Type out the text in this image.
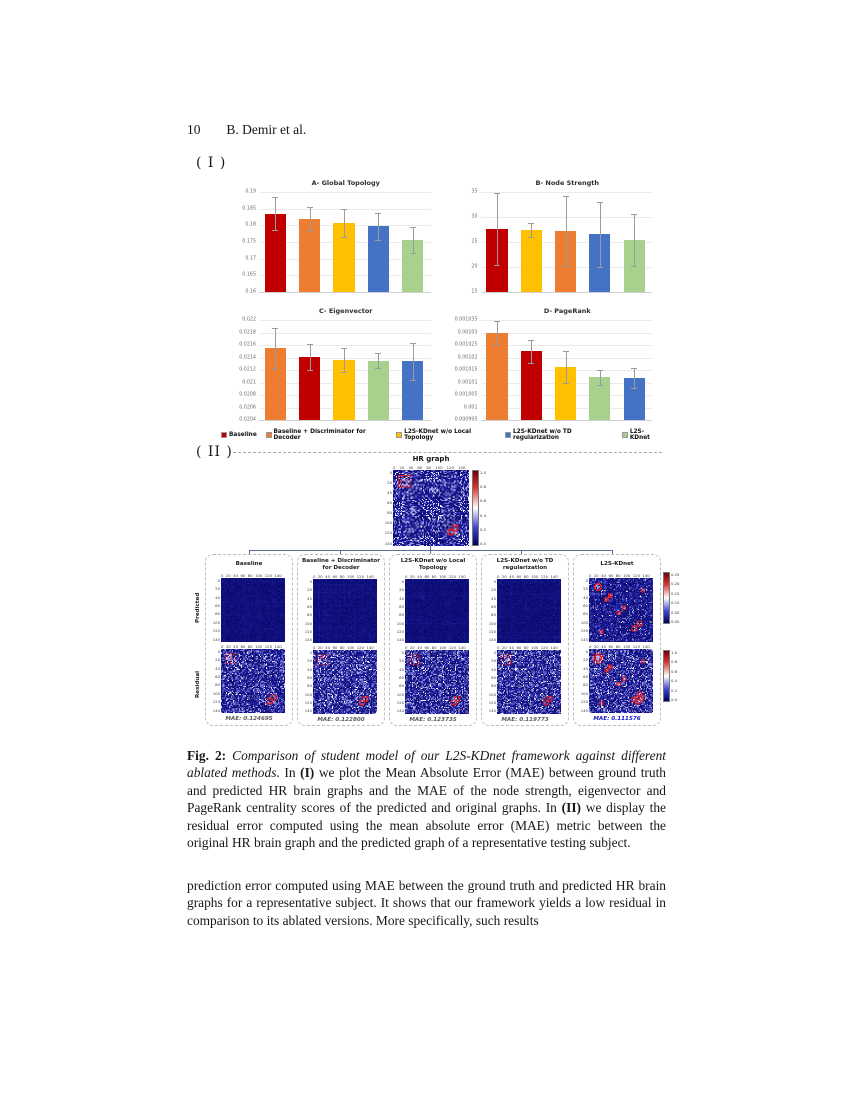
10 B. Demir et al.
( I )
A- Global Topology
0.19
0.185
0.18
0.175
0.17
0.165
0.16
B- Node Strength
35
30
25
20
15
C- Eigenvector
0.022
0.0218
0.0216
0.0214
0.0212
0.021
0.0208
0.0206
0.0204
D- PageRank
0.001035
0.00103
0.001025
0.00102
0.001015
0.00101
0.001005
0.001
0.000995
Baseline	Baseline + Discriminator for Decoder
L2S-KDnet w/o Local Topology
L2S-KDnet w/o TD regularization
L2S-KDnet
( II )	HR graph
0 20 40 60 80 100 120 140
0
20
40
60
80
100
120
140
1.0
0.8
0.6
0.4
0.2
0.0
Predicted
Residual
Baseline
0 20 40 60 80 100 120 140
0
20
40
60
80
100
120
140
0 20 40 60 80 100 120 140
0
20
40
60
80
100
120
140
MAE: 0.124695
Baseline + Discriminator for Decoder
0 20 40 60 80 100 120 140
0
20
40
60
80
100
120
140
0 20 40 60 80 100 120 140
0
20
40
60
80
100
120
140
MAE: 0.122800
L2S-KDnet w/o Local Topology
0 20 40 60 80 100 120 140
0
20
40
60
80
100
120
140
0 20 40 60 80 100 120 140
0
20
40
60
80
100
120
140
MAE: 0.123735
L2S-KDnet w/o TD regularization
0 20 40 60 80 100 120 140
0
20
40
60
80
100
120
140
0 20 40 60 80 100 120 140
0
20
40
60
80
100
120
140
MAE: 0.119773
L2S-KDnet
0 20 40 60 80 100 120 140
0
20
40
60
80
100
120
140
0 20 40 60 80 100 120 140
0
20
40
60
80
100
120
140
MAE: 0.111576
0.25
0.20
0.15
0.10
0.05
0.00
1.0
0.8
0.6
0.4
0.2
0.0
Fig. 2: Comparison of student model of our L2S-KDnet framework against different ablated methods. In (I) we plot the Mean Absolute Error (MAE) between ground truth and predicted HR brain graphs and the MAE of the node strength, eigenvector and PageRank centrality scores of the predicted and original graphs. In (II) we display the residual error computed using the mean absolute error (MAE) metric between the original HR brain graph and the predicted graph of a representative testing subject.
prediction error computed using MAE between the ground truth and predicted HR brain graphs for a representative subject. It shows that our framework yields a low residual in comparison to its ablated versions. More specifically, such results
